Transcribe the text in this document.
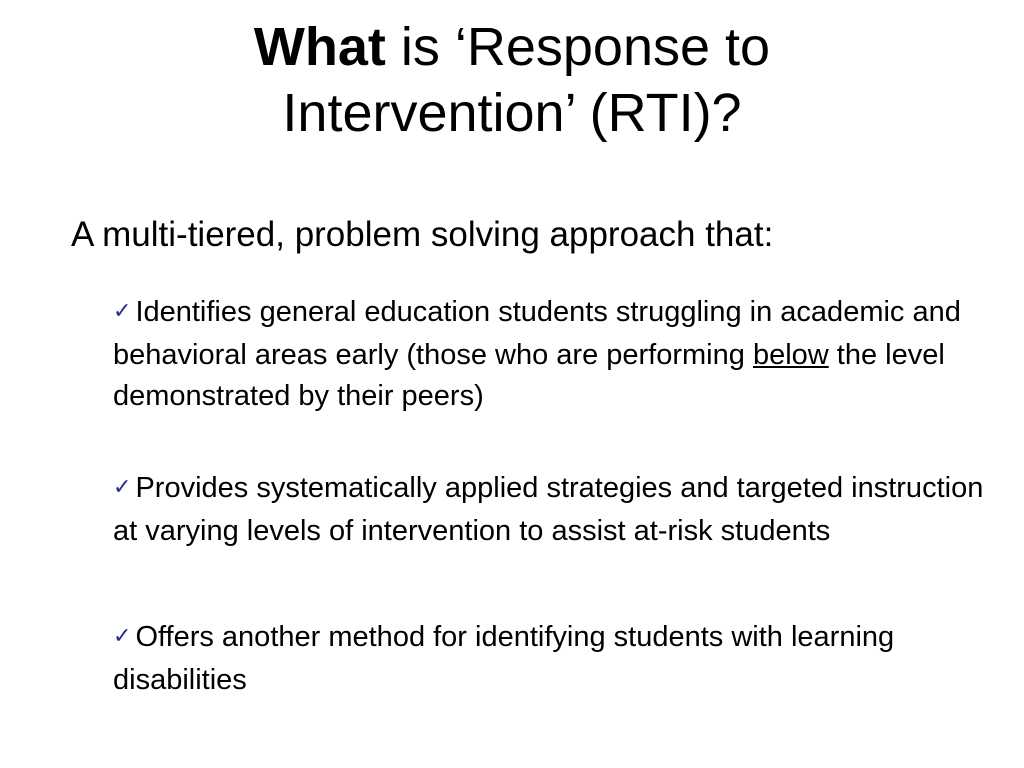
What is ‘Response to
Intervention’ (RTI)?

A multi-tiered, problem solving approach that:

✓ Identifies general education students struggling in academic and behavioral areas early (those who are performing below the level demonstrated by their peers)

✓ Provides systematically applied strategies and targeted instruction at varying levels of intervention to assist at-risk students

✓ Offers another method for identifying students with learning disabilities
